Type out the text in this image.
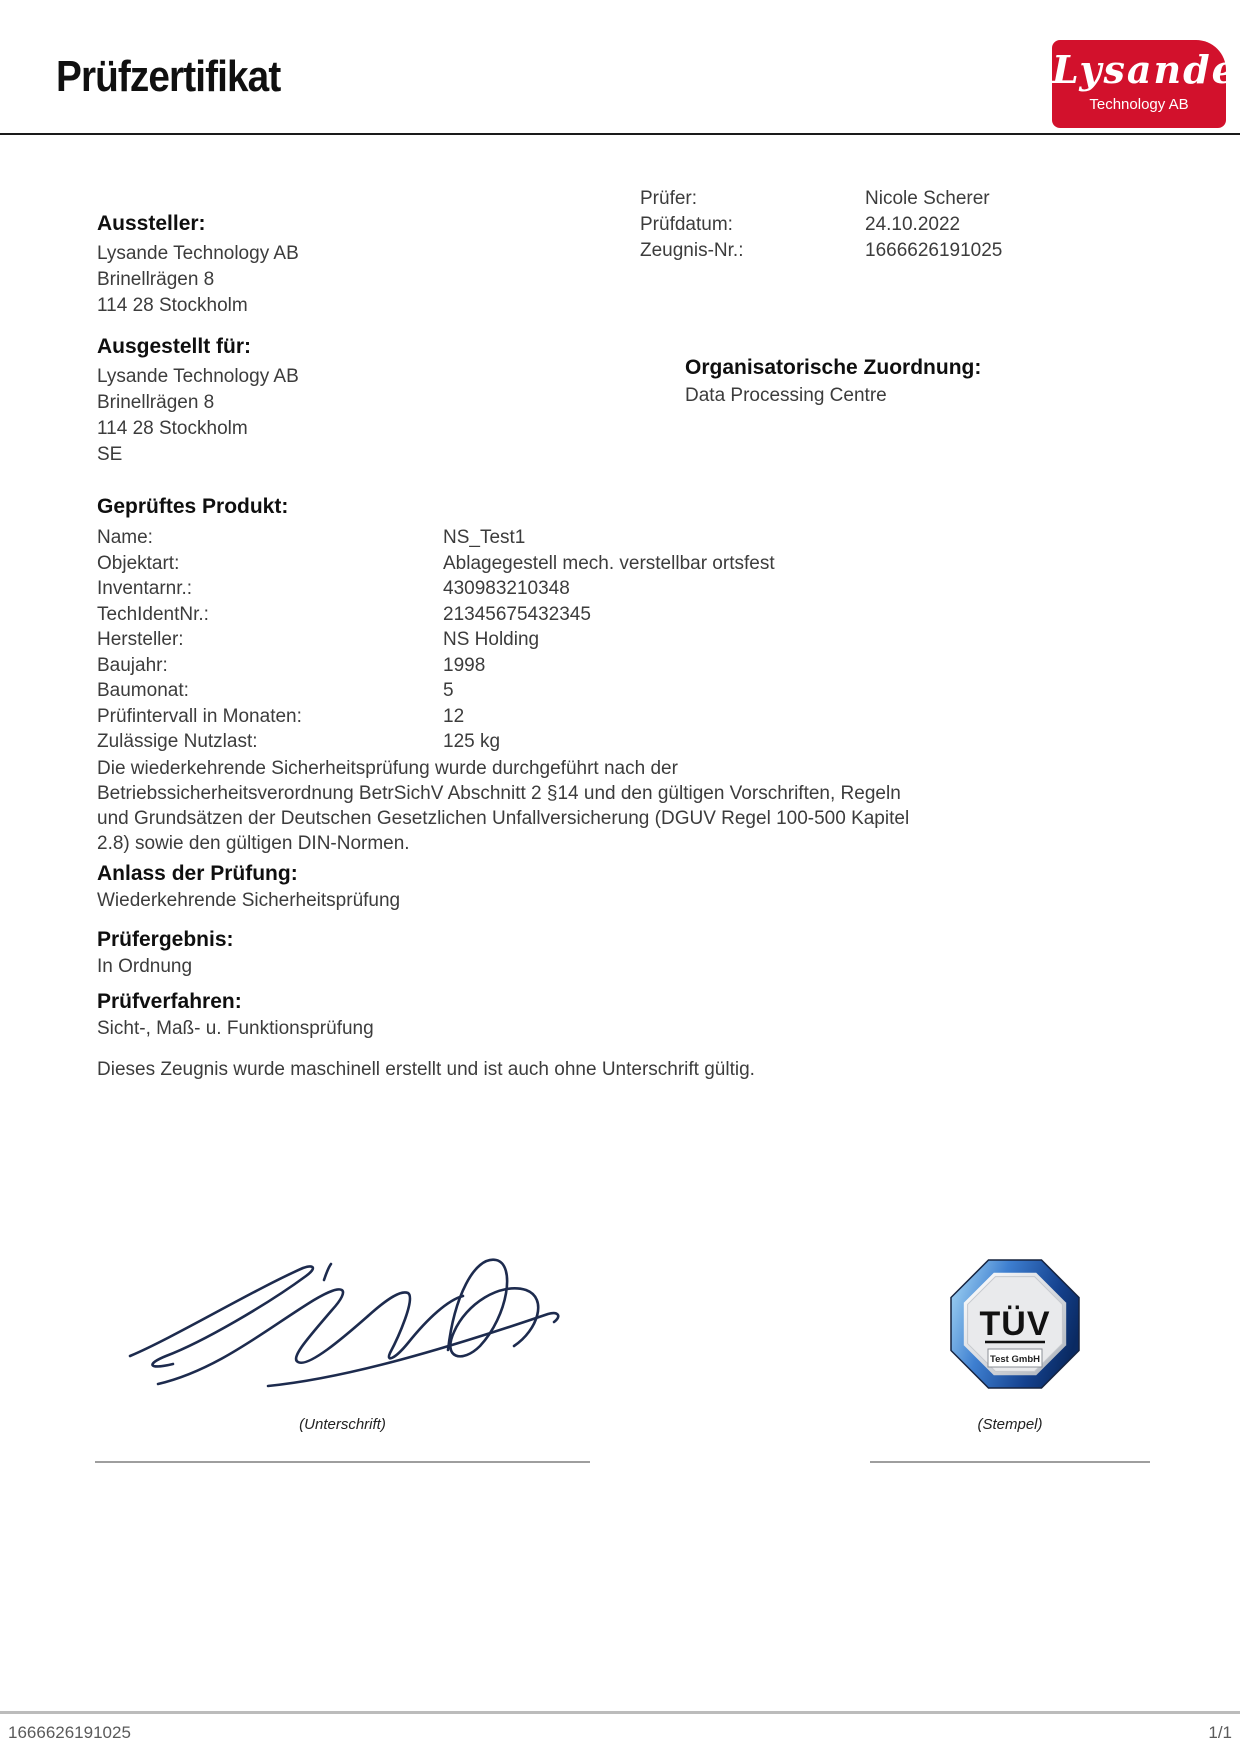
Prüfzertifikat	Lysande
Technology AB
Aussteller:
Lysande Technology AB
Brinellrägen 8
114 28 Stockholm
Prüfer:	Nicole Scherer
Prüfdatum:	24.10.2022
Zeugnis-Nr.:	1666626191025
Ausgestellt für:
Lysande Technology AB
Brinellrägen 8
114 28 Stockholm
SE
Organisatorische Zuordnung:
Data Processing Centre
Geprüftes Produkt:
Name:	NS_Test1
Objektart:	Ablagegestell mech. verstellbar ortsfest
Inventarnr.:	430983210348
TechIdentNr.:	21345675432345
Hersteller:	NS Holding
Baujahr:	1998
Baumonat:	5
Prüfintervall in Monaten:	12
Zulässige Nutzlast:	125 kg
Die wiederkehrende Sicherheitsprüfung wurde durchgeführt nach der
Betriebssicherheitsverordnung BetrSichV Abschnitt 2 §14 und den gültigen Vorschriften, Regeln
und Grundsätzen der Deutschen Gesetzlichen Unfallversicherung (DGUV Regel 100-500 Kapitel
2.8) sowie den gültigen DIN-Normen.
Anlass der Prüfung:
Wiederkehrende Sicherheitsprüfung
Prüfergebnis:
In Ordnung
Prüfverfahren:
Sicht-, Maß- u. Funktionsprüfung
Dieses Zeugnis wurde maschinell erstellt und ist auch ohne Unterschrift gültig.
(Unterschrift)
TÜV
Test GmbH
(Stempel)
1666626191025	1/1
